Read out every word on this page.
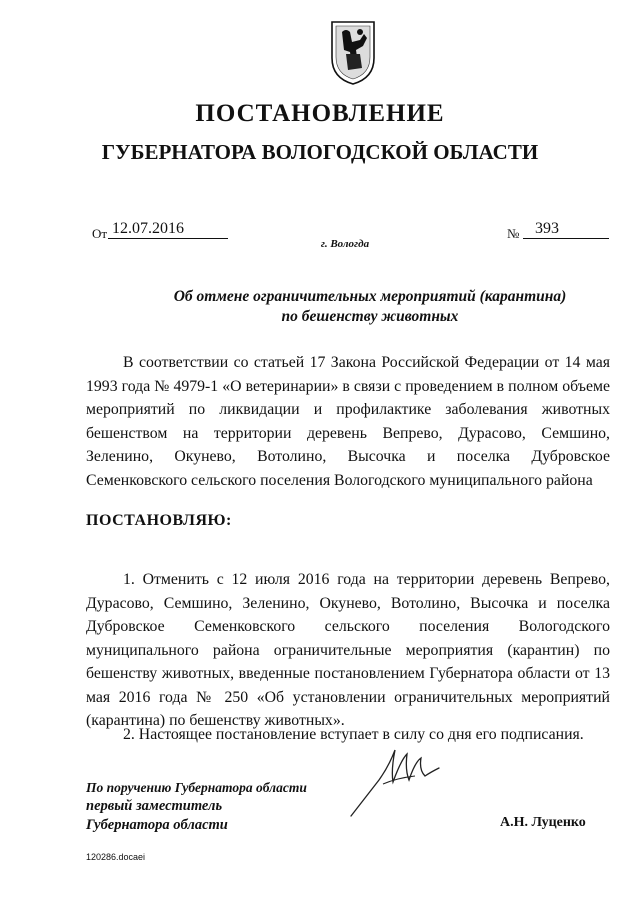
ПОСТАНОВЛЕНИЕ
ГУБЕРНАТОРА ВОЛОГОДСКОЙ ОБЛАСТИ
От 12.07.2016	№ 393
г. Вологда
Об отмене ограничительных мероприятий (карантина)
по бешенству животных
В соответствии со статьей 17 Закона Российской Федерации от 14 мая 1993 года № 4979-1 «О ветеринарии» в связи с проведением в полном объеме мероприятий по ликвидации и профилактике заболевания животных бешенством на территории деревень Вепрево, Дурасово, Семшино, Зеленино, Окунево, Вотолино, Высочка и поселка Дубровское Семенковского сельского поселения Вологодского муниципального района
ПОСТАНОВЛЯЮ:
1. Отменить с 12 июля 2016 года на территории деревень Вепрево, Дурасово, Семшино, Зеленино, Окунево, Вотолино, Высочка и поселка Дубровское Семенковского сельского поселения Вологодского муниципального района ограничительные мероприятия (карантин) по бешенству животных, введенные постановлением Губернатора области от 13 мая 2016 года № 250 «Об установлении ограничительных мероприятий (карантина) по бешенству животных».
2. Настоящее постановление вступает в силу со дня его подписания.
По поручению Губернатора области
первый заместитель
Губернатора области	А.Н. Луценко
120286.docaei
